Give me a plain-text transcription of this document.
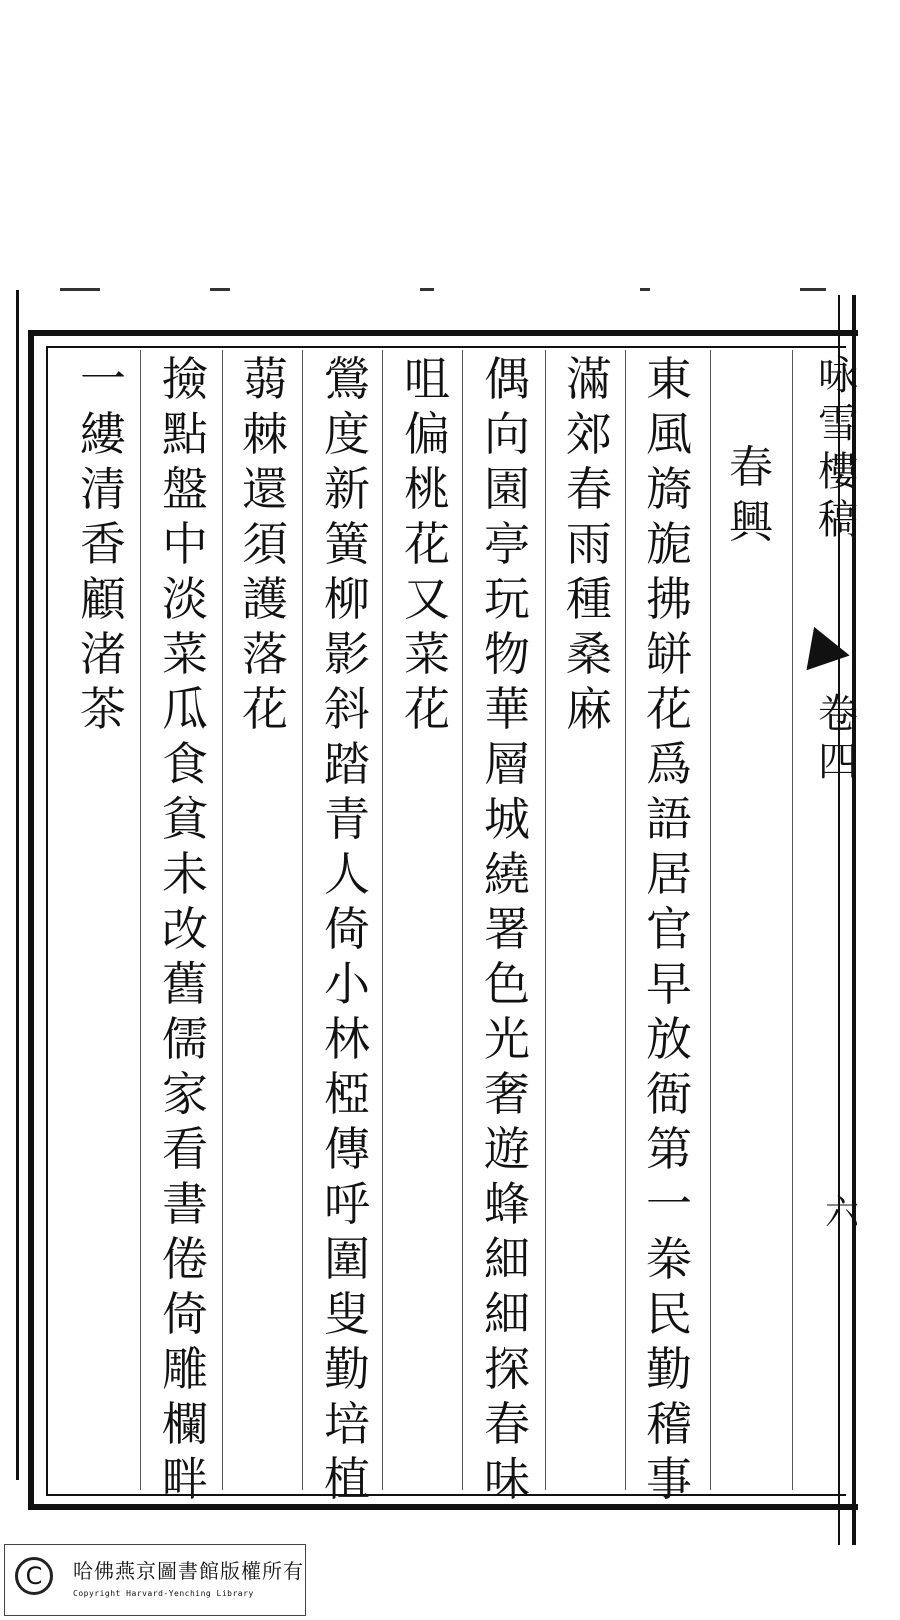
春
興
東
風
旖
旎
拂
缾
花
爲
語
居
官
早
放
衙
第
一
桊
民
勤
稽
事
滿
郊
春
雨
種
桑
麻
偶
向
園
亭
玩
物
華
層
城
繞
署
色
光
奢
遊
蜂
細
細
探
春
味
咀
偏
桃
花
又
菜
花
鶯
度
新
簧
柳
影
斜
踏
青
人
倚
小
林
椏
傳
呼
圍
叟
勤
培
植
蒻
棘
還
須
護
落
花
撿
點
盤
中
淡
菜
瓜
食
貧
未
改
舊
儒
家
看
書
倦
倚
雕
欄
畔
一
縷
清
香
顧
渚
茶
咏
雪
樓
稿
卷
四
六
C	哈佛燕京圖書館版權所有
Copyright Harvard-Yenching Library
